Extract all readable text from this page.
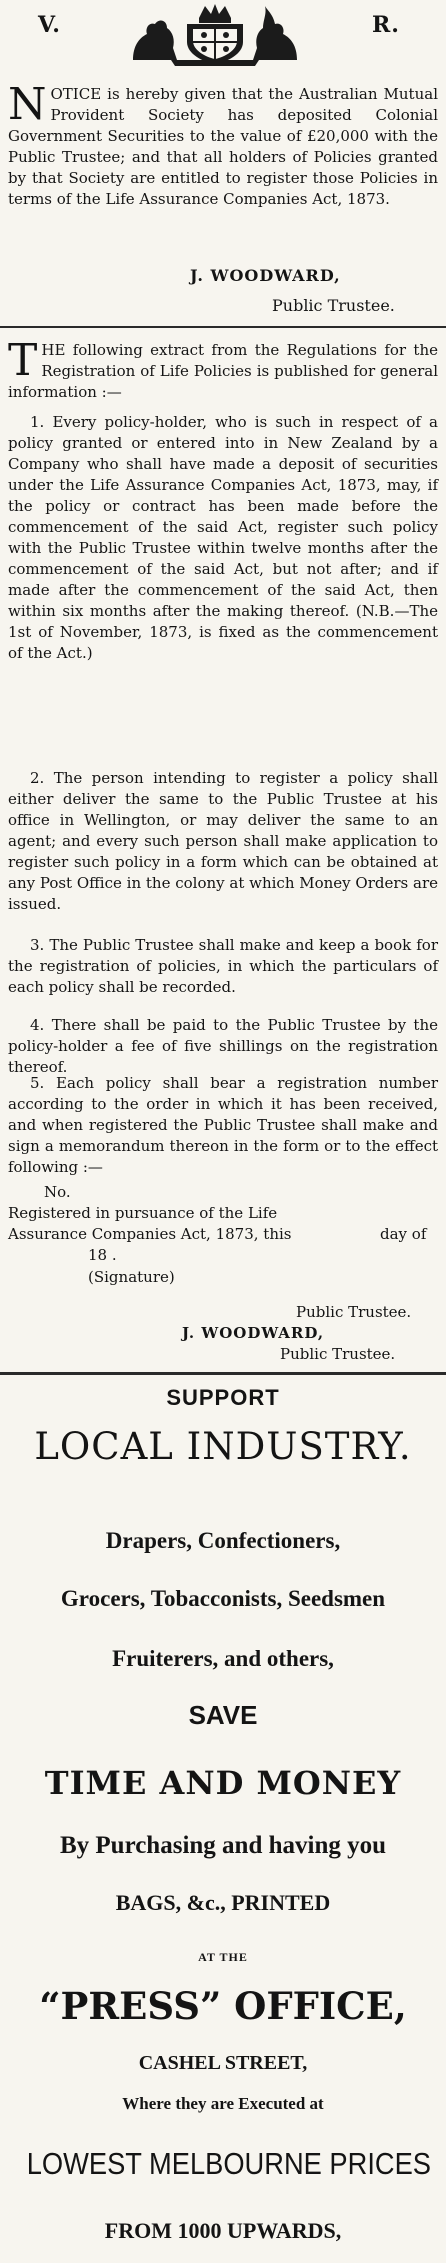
V.	R.
NOTICE is hereby given that the Australian Mutual Provident Society has deposited Colonial Government Securities to the value of £20,000 with the Public Trustee; and that all holders of Policies granted by that Society are entitled to register those Policies in terms of the Life Assurance Companies Act, 1873.
J. WOODWARD,
Public Trustee.
THE following extract from the Regulations for the Registration of Life Policies is published for general information :—
1. Every policy-holder, who is such in respect of a policy granted or entered into in New Zealand by a Company who shall have made a deposit of securities under the Life Assurance Companies Act, 1873, may, if the policy or contract has been made before the commencement of the said Act, register such policy with the Public Trustee within twelve months after the commencement of the said Act, but not after; and if made after the commencement of the said Act, then within six months after the making thereof. (N.B.—The 1st of November, 1873, is fixed as the commencement of the Act.)
2. The person intending to register a policy shall either deliver the same to the Public Trustee at his office in Wellington, or may deliver the same to an agent; and every such person shall make application to register such policy in a form which can be obtained at any Post Office in the colony at which Money Orders are issued.
3. The Public Trustee shall make and keep a book for the registration of policies, in which the particulars of each policy shall be recorded.
4. There shall be paid to the Public Trustee by the policy-holder a fee of five shillings on the registration thereof.
5. Each policy shall bear a registration number according to the order in which it has been received, and when registered the Public Trustee shall make and sign a memorandum thereon in the form or to the effect following :—
No.
Registered in pursuance of the Life Assurance Companies Act, 1873, this	day of
18 .
(Signature)
Public Trustee.
J. WOODWARD,
Public Trustee.
SUPPORT
LOCAL INDUSTRY.
Drapers, Confectioners,
Grocers, Tobacconists, Seedsmen
Fruiterers, and others,
SAVE
TIME AND MONEY
By Purchasing and having you
BAGS, &c., PRINTED
AT THE
“PRESS” OFFICE,
CASHEL STREET,
Where they are Executed at
LOWEST MELBOURNE PRICES
FROM 1000 UPWARDS,
